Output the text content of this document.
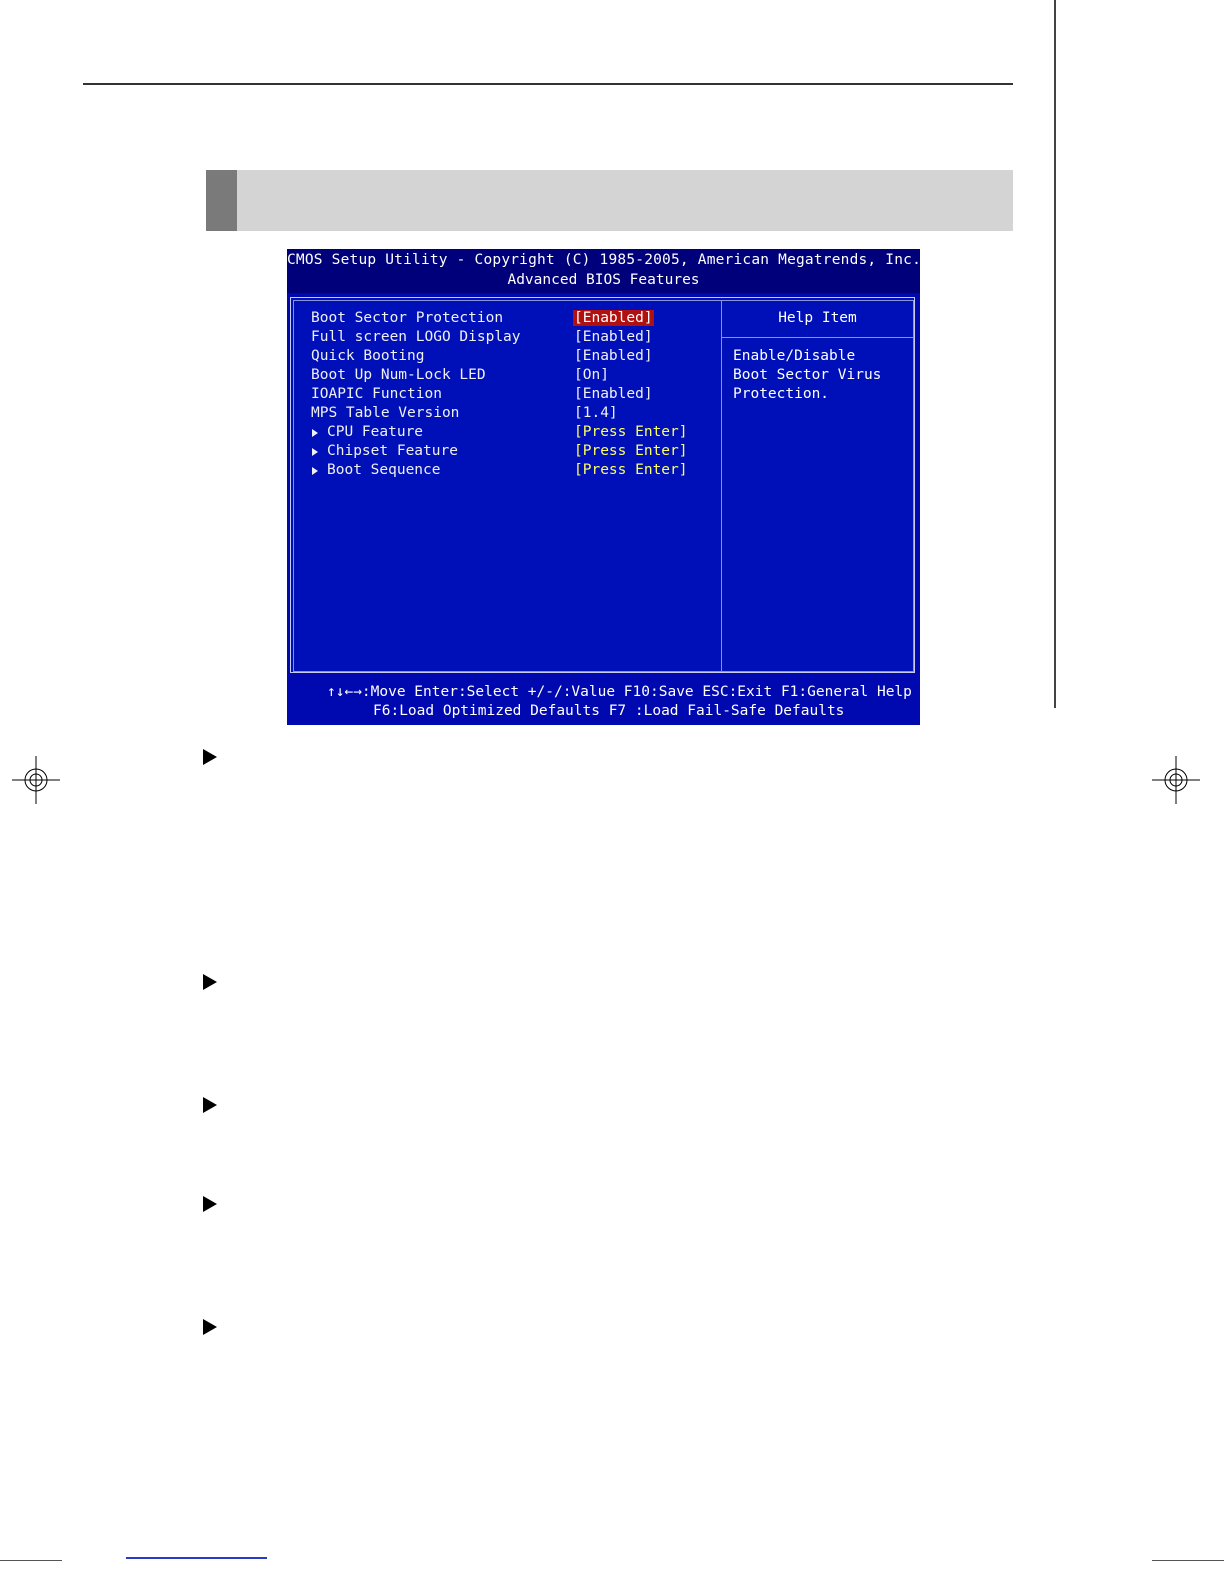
CMOS Setup Utility - Copyright (C) 1985-2005, American Megatrends, Inc.
Advanced BIOS Features
Boot Sector Protection	[Enabled]
Full screen LOGO Display	[Enabled]
Quick Booting	[Enabled]
Boot Up Num-Lock LED	[On]
IOAPIC Function	[Enabled]
MPS Table Version	[1.4]
CPU Feature	[Press Enter]
Chipset Feature	[Press Enter]
Boot Sequence	[Press Enter]
Help Item
Enable/Disable
Boot Sector Virus
Protection.
↑↓←→:Move Enter:Select +/-/:Value F10:Save ESC:Exit F1:General Help
F6:Load Optimized Defaults F7 :Load Fail-Safe Defaults
